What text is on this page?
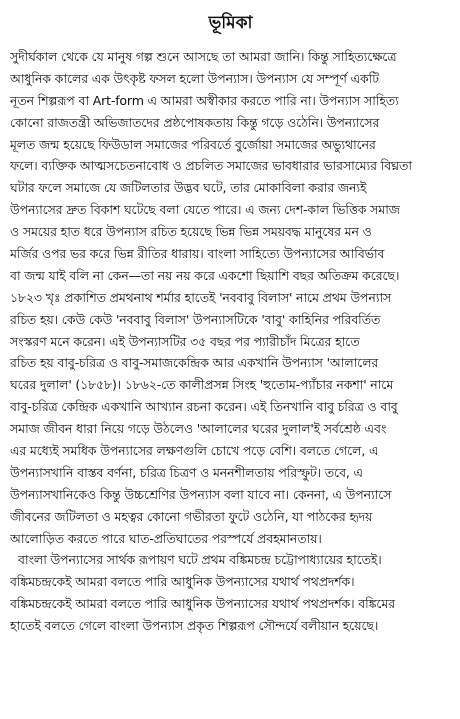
ভূমিকা
সুদীর্ঘকাল থেকে যে মানুষ গল্প শুনে আসছে তা আমরা জানি। কিন্তু সাহিত্যক্ষেত্রে
আধুনিক কালের এক উৎকৃষ্ট ফসল হলো উপন্যাস। উপন্যাস যে সম্পূর্ণ একটি
নূতন শিল্পরূপ বা Art-form এ আমরা অস্বীকার করতে পারি না। উপন্যাস সাহিত্য
কোনো রাজতন্ত্রী অভিজাতদের প্রষ্ঠপোষকতায় কিন্তু গড়ে ওঠেনি। উপন্যাসের
মূলত জন্ম হয়েছে ফিউডাল সমাজের পরিবর্তে বুর্জোয়া সমাজের অভ্যুথানের
ফলে। ব্যক্তিক আত্মসচেতনাবোধ ও প্রচলিত সমাজের ভাবধারার ভারসাম্যের বিঘ্নতা
ঘটার ফলে সমাজে যে জটিলতার উদ্ভব ঘটে, তার মোকাবিলা করার জন্যই
উপন্যাসের দ্রুত বিকাশ ঘটেছে বলা যেতে পারে। এ জন্য দেশ-কাল ভিত্তিক সমাজ
ও সময়ের হাত ধরে উপন্যাস রচিত হয়েছে ভিন্ন ভিন্ন সময়বদ্ধ মানুষের মন ও
মর্জির ওপর ভর করে ভিন্ন রীতির ধারায়। বাংলা সাহিত্যে উপন্যাসের আবির্ভাব
বা জন্ম যাই বলি না কেন—তা নয় নয় করে একশো ছিয়াশি বছর অতিক্রম করেছে।
১৮২৩ খৃঃ প্রকাশিত প্রমথনাথ শর্মার হাতেই 'নববাবু বিলাস' নামে প্রথম উপন্যাস
রচিত হয়। কেউ কেউ 'নববাবু বিলাস' উপন্যাসটিকে 'বাবু' কাহিনির পরিবর্তিত
সংস্করণ মনে করেন। এই উপন্যাসটির ৩৫ বছর পর প্যারীচাঁদ মিত্রের হাতে
রচিত হয় বাবু-চরিত্র ও বাবু-সমাজকেন্দ্রিক আর একখানি উপন্যাস 'আলালের
ঘরের দুলাল' (১৮৫৮)। ১৮৬২-তে কালীপ্রসন্ন সিংহ 'হুতোম-প্যাঁচার নকশা' নামে
বাবু-চরিত্র কেন্দ্রিক একখানি আখ্যান রচনা করেন। এই তিনখানি বাবু চরিত্র ও বাবু
সমাজ জীবন ধারা নিয়ে গড়ে উঠলেও 'আলালের ঘরের দুলাল'ই সর্বশ্রেষ্ঠ এবং
এর মধ্যেই সমধিক উপন্যাসের লক্ষণগুলি চোখে পড়ে বেশি। বলতে গেলে, এ
উপন্যাসখানি বাস্তব বর্ণনা, চরিত্র চিত্রণ ও মননশীলতায় পরিস্ফুট। তবে, এ
উপন্যাসখানিকেও কিন্তু উচ্চশ্রেণির উপন্যাস বলা যাবে না। কেননা, এ উপন্যাসে
জীবনের জটিলতা ও মহত্বর কোনো গভীরতা ফুটে ওঠেনি, যা পাঠকের হৃদয়
আলোড়িত করতে পারে ঘাত-প্রতিঘাতের পরস্পর্যে প্রবহমানতায়।
বাংলা উপন্যাসের সার্থক রূপায়ণ ঘটে প্রথম বঙ্কিমচন্দ্র চট্টোপাধ্যায়ের হাতেই।
বঙ্কিমচন্দ্রকেই আমরা বলতে পারি আধুনিক উপন্যাসের যথার্থ পথপ্রদর্শক।
বঙ্কিমচন্দ্রকেই আমরা বলতে পারি আধুনিক উপন্যাসের যথার্থ পথপ্রদর্শক। বঙ্কিমের
হাতেই বলতে গেলে বাংলা উপন্যাস প্রকৃত শিল্পরূপ সৌন্দর্যে বলীয়ান হয়েছে।
